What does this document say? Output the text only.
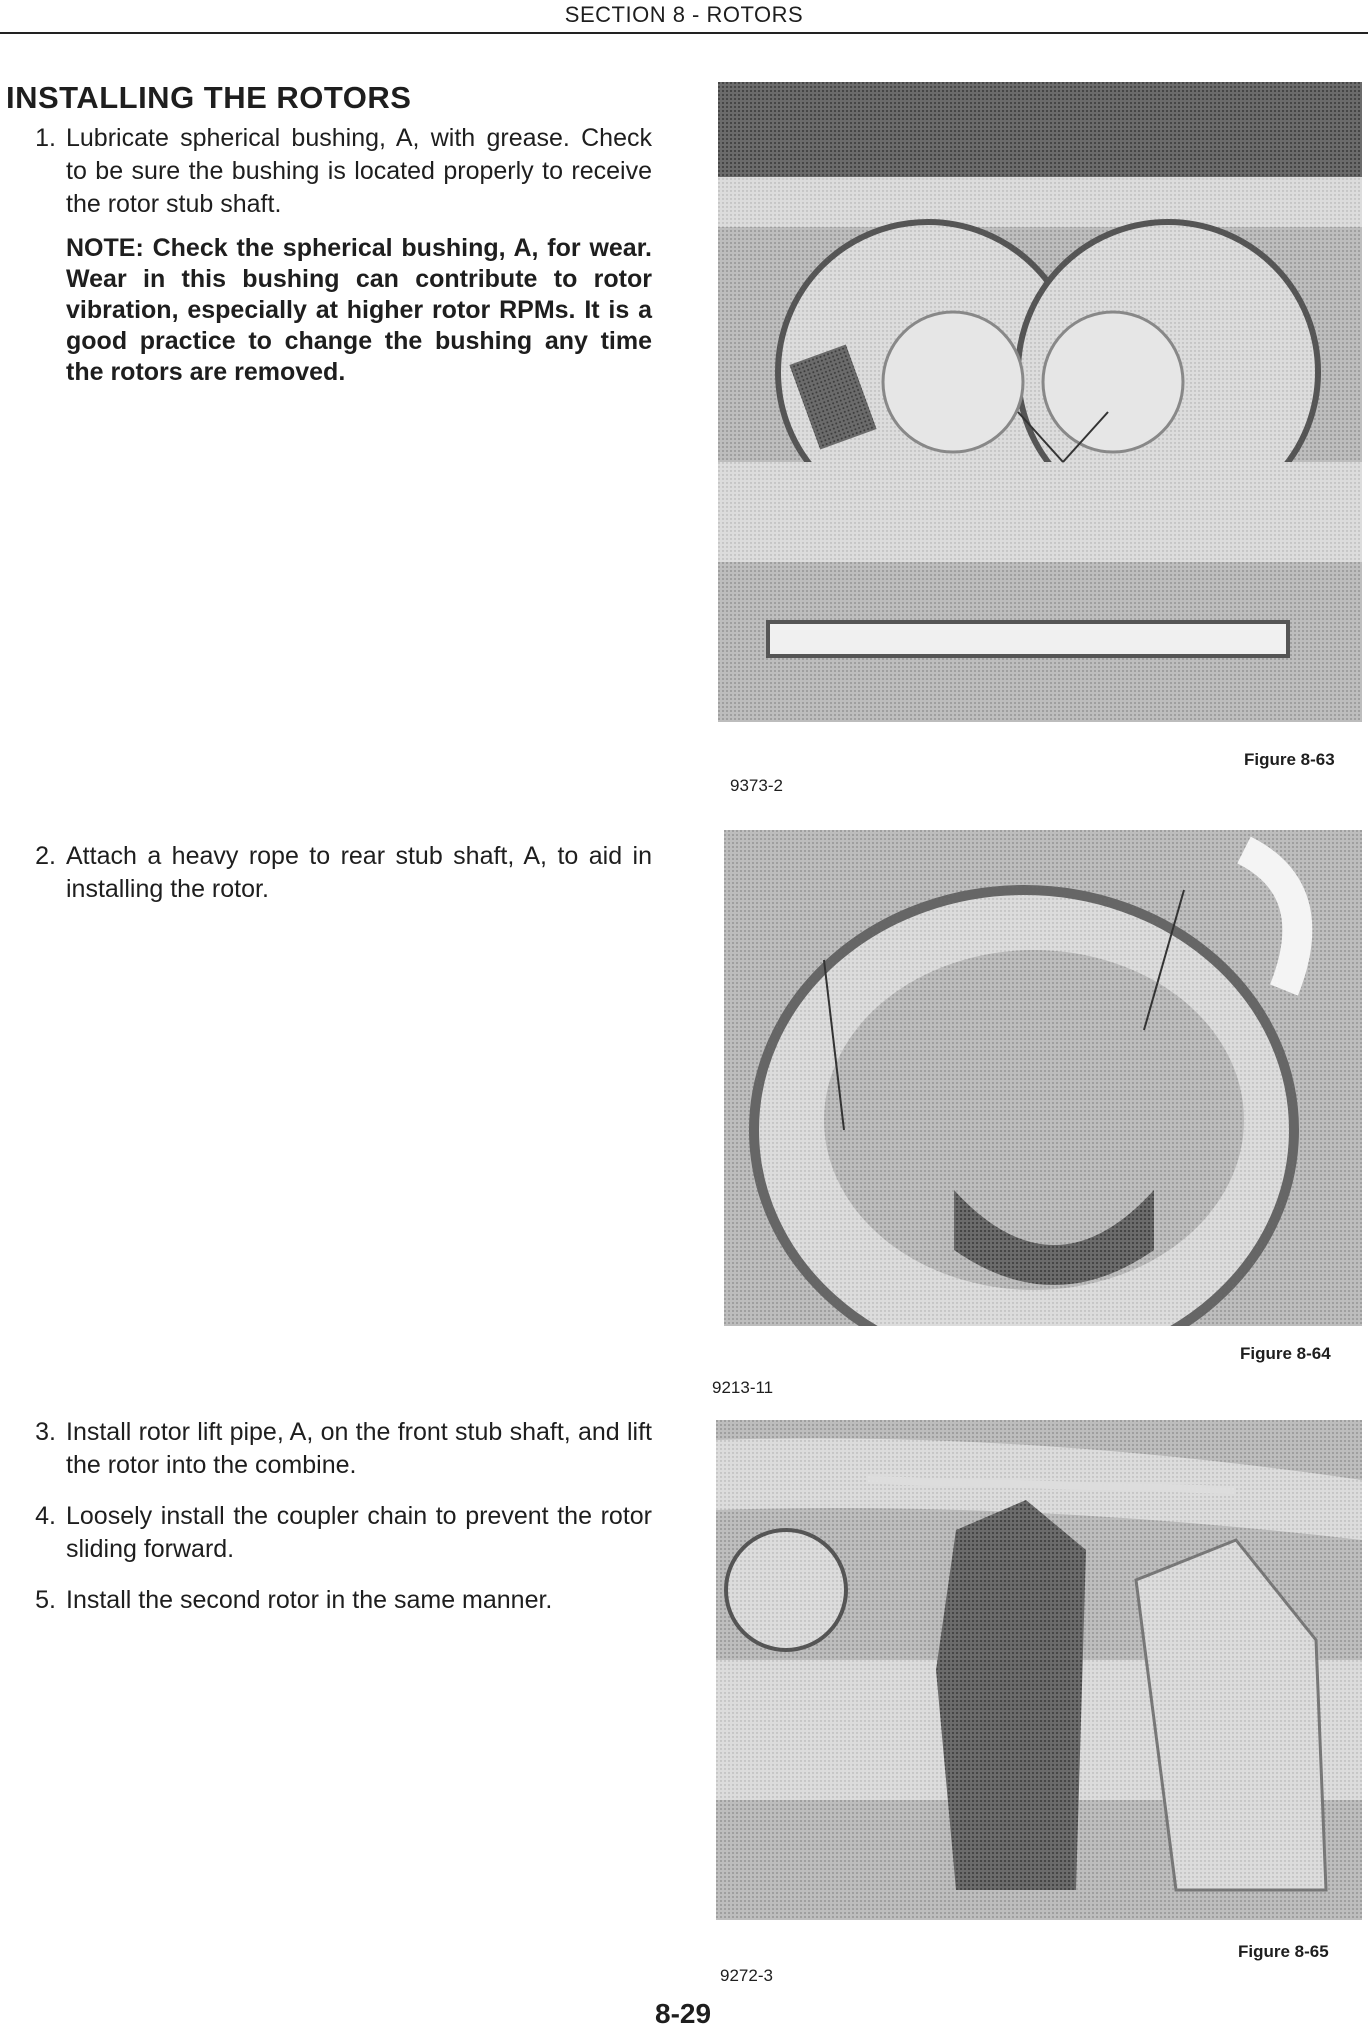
SECTION 8 - ROTORS
INSTALLING THE ROTORS
1. Lubricate spherical bushing, A, with grease. Check to be sure the bushing is located properly to receive the rotor stub shaft.
NOTE: Check the spherical bushing, A, for wear. Wear in this bushing can contribute to rotor vibration, especially at higher rotor RPMs. It is a good practice to change the bushing any time the rotors are removed.
2. Attach a heavy rope to rear stub shaft, A, to aid in installing the rotor.
3. Install rotor lift pipe, A, on the front stub shaft, and lift the rotor into the combine.
4. Loosely install the coupler chain to prevent the rotor sliding forward.
5. Install the second rotor in the same manner.
Figure 8-63
9373-2
Figure 8-64
9213-11
Figure 8-65
9272-3
8-29
